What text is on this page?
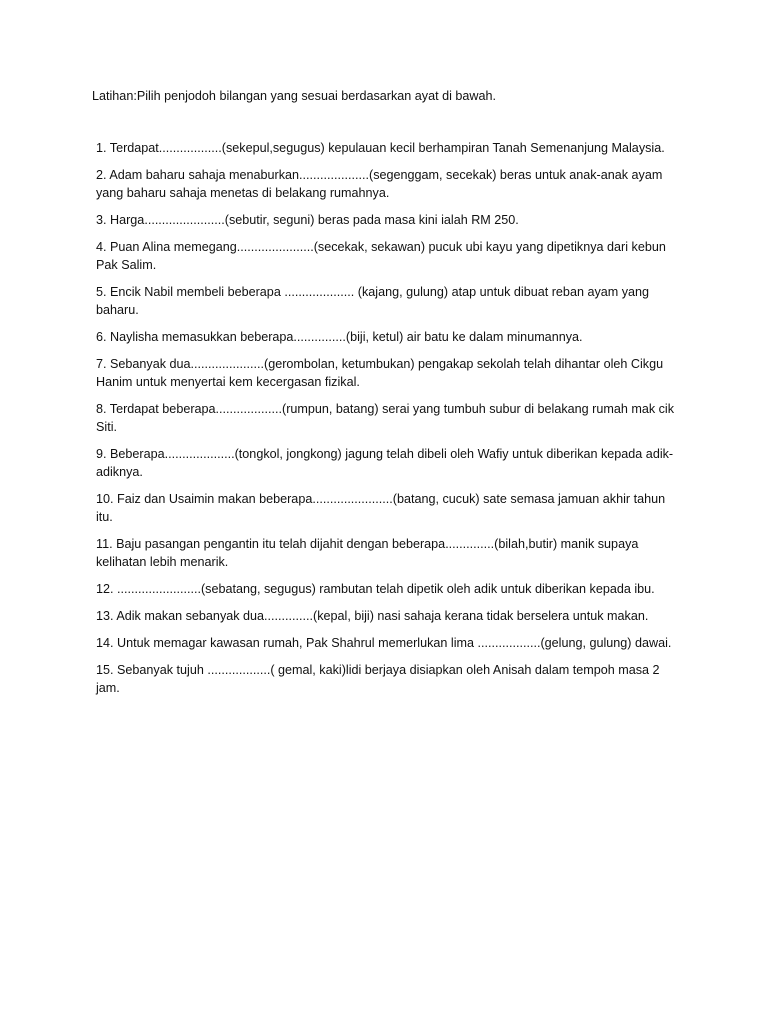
Latihan:Pilih penjodoh bilangan yang sesuai berdasarkan ayat di bawah.
1. Terdapat..................(sekepul,segugus) kepulauan kecil berhampiran Tanah Semenanjung Malaysia.
2. Adam baharu sahaja menaburkan....................(segenggam, secekak) beras untuk anak-anak ayam yang baharu sahaja menetas di belakang rumahnya.
3. Harga.......................(sebutir, seguni) beras pada masa kini ialah RM 250.
4. Puan Alina memegang......................(secekak, sekawan) pucuk ubi kayu yang dipetiknya dari kebun Pak Salim.
5. Encik Nabil membeli beberapa .................... (kajang, gulung) atap untuk dibuat reban ayam yang baharu.
6. Naylisha memasukkan beberapa...............(biji, ketul) air batu ke dalam minumannya.
7. Sebanyak dua.....................(gerombolan, ketumbukan) pengakap sekolah telah dihantar oleh Cikgu Hanim untuk menyertai kem kecergasan fizikal.
8. Terdapat beberapa...................(rumpun, batang) serai yang tumbuh subur di belakang rumah mak cik Siti.
9. Beberapa....................(tongkol, jongkong) jagung telah dibeli oleh Wafiy untuk diberikan kepada adik-adiknya.
10. Faiz dan Usaimin makan beberapa.......................(batang, cucuk) sate semasa jamuan akhir tahun itu.
11. Baju pasangan pengantin itu telah dijahit dengan beberapa..............(bilah,butir) manik supaya kelihatan lebih menarik.
12. ........................(sebatang, segugus) rambutan telah dipetik oleh adik untuk diberikan kepada ibu.
13. Adik makan sebanyak dua..............(kepal, biji) nasi sahaja kerana tidak berselera untuk makan.
14. Untuk memagar kawasan rumah, Pak Shahrul memerlukan lima ..................(gelung, gulung) dawai.
15. Sebanyak tujuh ..................( gemal, kaki)lidi berjaya disiapkan oleh Anisah dalam tempoh masa 2 jam.
